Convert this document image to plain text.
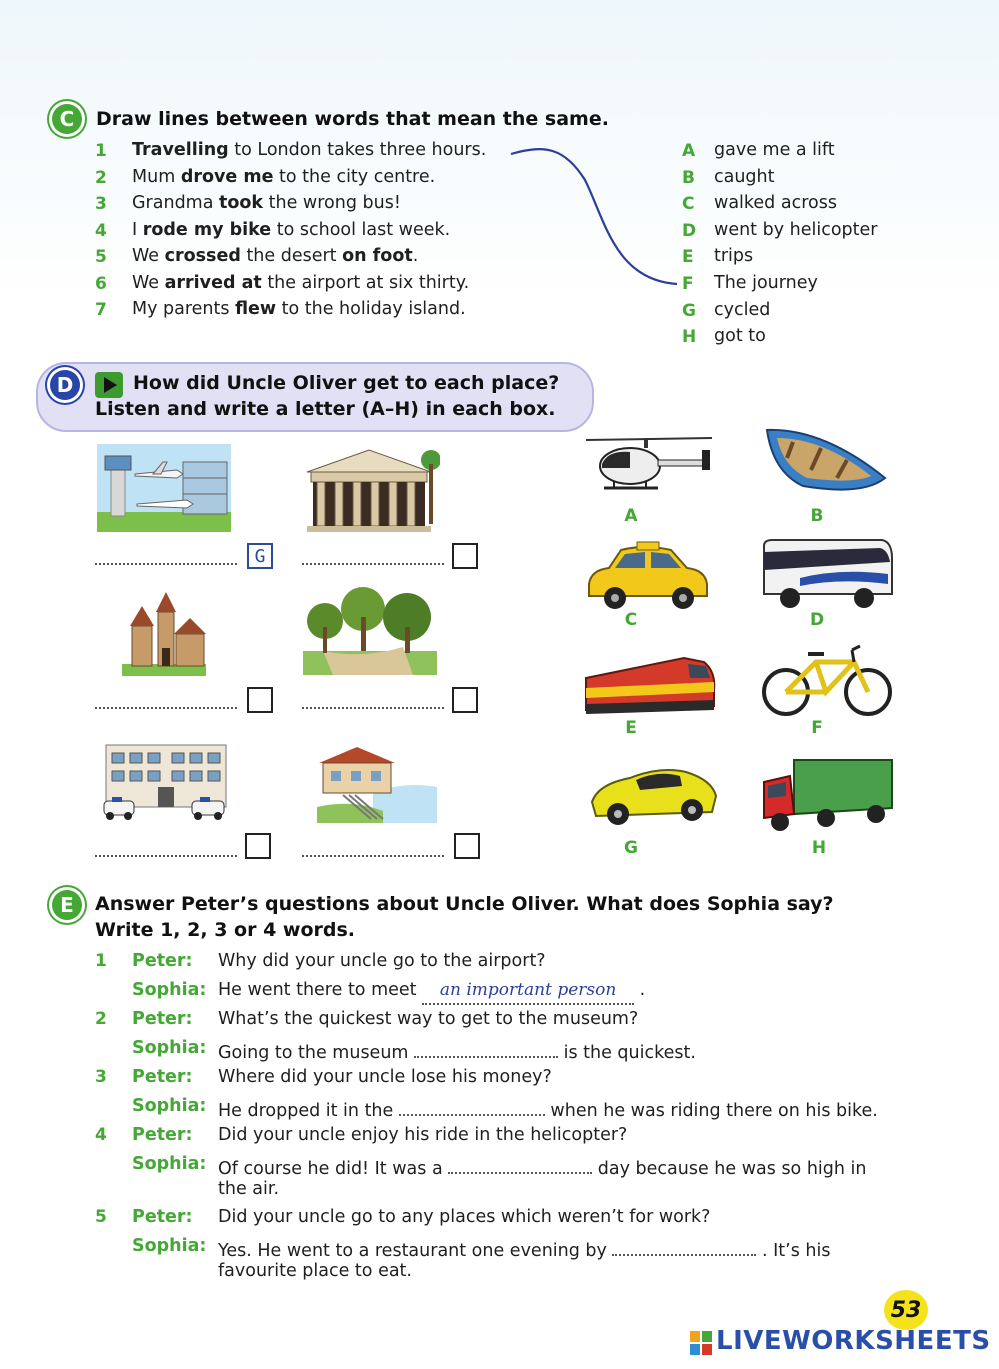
C Draw lines between words that mean the same.
1 Travelling to London takes three hours.
2 Mum drove me to the city centre.
3 Grandma took the wrong bus!
4 I rode my bike to school last week.
5 We crossed the desert on foot.
6 We arrived at the airport at six thirty.
7 My parents flew to the holiday island.
A gave me a lift
B caught
C walked across
D went by helicopter
E trips
F The journey
G cycled
H got to
D	How did Uncle Oliver get to each place?
Listen and write a letter (A–H) in each box.
G
A	B
C	D
E	F
G	H
E Answer Peter’s questions about Uncle Oliver. What does Sophia say?
Write 1, 2, 3 or 4 words.
1 Peter: Why did your uncle go to the airport?
Sophia: He went there to meet an important person .
2 Peter: What’s the quickest way to get to the museum?
Sophia: Going to the museum	is the quickest.
3 Peter: Where did your uncle lose his money?
Sophia: He dropped it in the	when he was riding there on his bike.
4 Peter: Did your uncle enjoy his ride in the helicopter?
Sophia: Of course he did! It was a	day because he was so high in
the air.
5 Peter: Did your uncle go to any places which weren’t for work?
Sophia: Yes. He went to a restaurant one evening by	. It’s his
favourite place to eat.
53
LIVEWORKSHEETS
